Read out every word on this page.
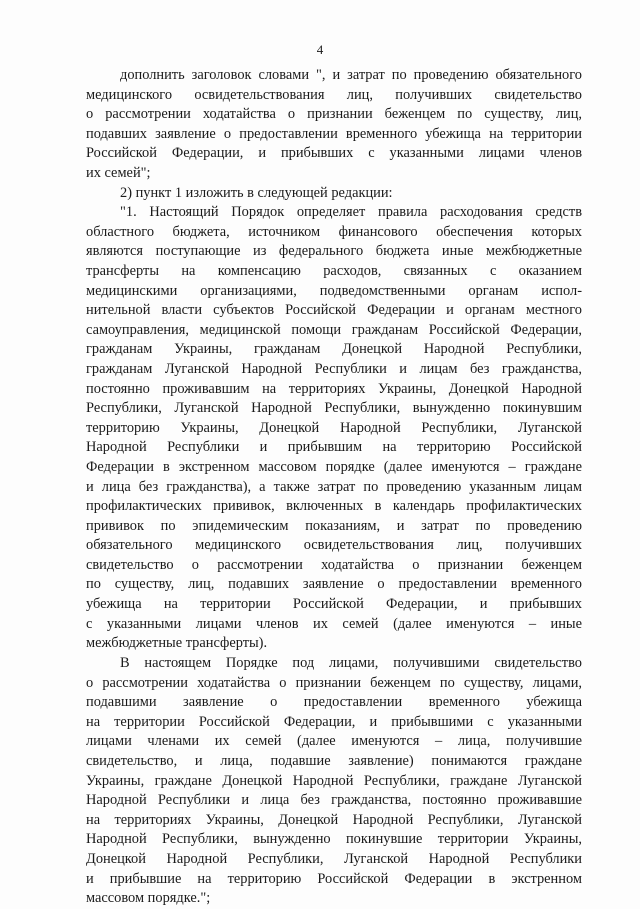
4
дополнить заголовок словами ", и затрат по проведению обязательного
медицинского освидетельствования лиц, получивших свидетельство
о рассмотрении ходатайства о признании беженцем по существу, лиц,
подавших заявление о предоставлении временного убежища на территории
Российской Федерации, и прибывших с указанными лицами членов
их семей";
2) пункт 1 изложить в следующей редакции:
"1. Настоящий Порядок определяет правила расходования средств
областного бюджета, источником финансового обеспечения которых
являются поступающие из федерального бюджета иные межбюджетные
трансферты на компенсацию расходов, связанных с оказанием
медицинскими организациями, подведомственными органам испол-
нительной власти субъектов Российской Федерации и органам местного
самоуправления, медицинской помощи гражданам Российской Федерации,
гражданам Украины, гражданам Донецкой Народной Республики,
гражданам Луганской Народной Республики и лицам без гражданства,
постоянно проживавшим на территориях Украины, Донецкой Народной
Республики, Луганской Народной Республики, вынужденно покинувшим
территорию Украины, Донецкой Народной Республики, Луганской
Народной Республики и прибывшим на территорию Российской
Федерации в экстренном массовом порядке (далее именуются – граждане
и лица без гражданства), а также затрат по проведению указанным лицам
профилактических прививок, включенных в календарь профилактических
прививок по эпидемическим показаниям, и затрат по проведению
обязательного медицинского освидетельствования лиц, получивших
свидетельство о рассмотрении ходатайства о признании беженцем
по существу, лиц, подавших заявление о предоставлении временного
убежища на территории Российской Федерации, и прибывших
с указанными лицами членов их семей (далее именуются – иные
межбюджетные трансферты).
В настоящем Порядке под лицами, получившими свидетельство
о рассмотрении ходатайства о признании беженцем по существу, лицами,
подавшими заявление о предоставлении временного убежища
на территории Российской Федерации, и прибывшими с указанными
лицами членами их семей (далее именуются – лица, получившие
свидетельство, и лица, подавшие заявление) понимаются граждане
Украины, граждане Донецкой Народной Республики, граждане Луганской
Народной Республики и лица без гражданства, постоянно проживавшие
на территориях Украины, Донецкой Народной Республики, Луганской
Народной Республики, вынужденно покинувшие территории Украины,
Донецкой Народной Республики, Луганской Народной Республики
и прибывшие на территорию Российской Федерации в экстренном
массовом порядке.";
